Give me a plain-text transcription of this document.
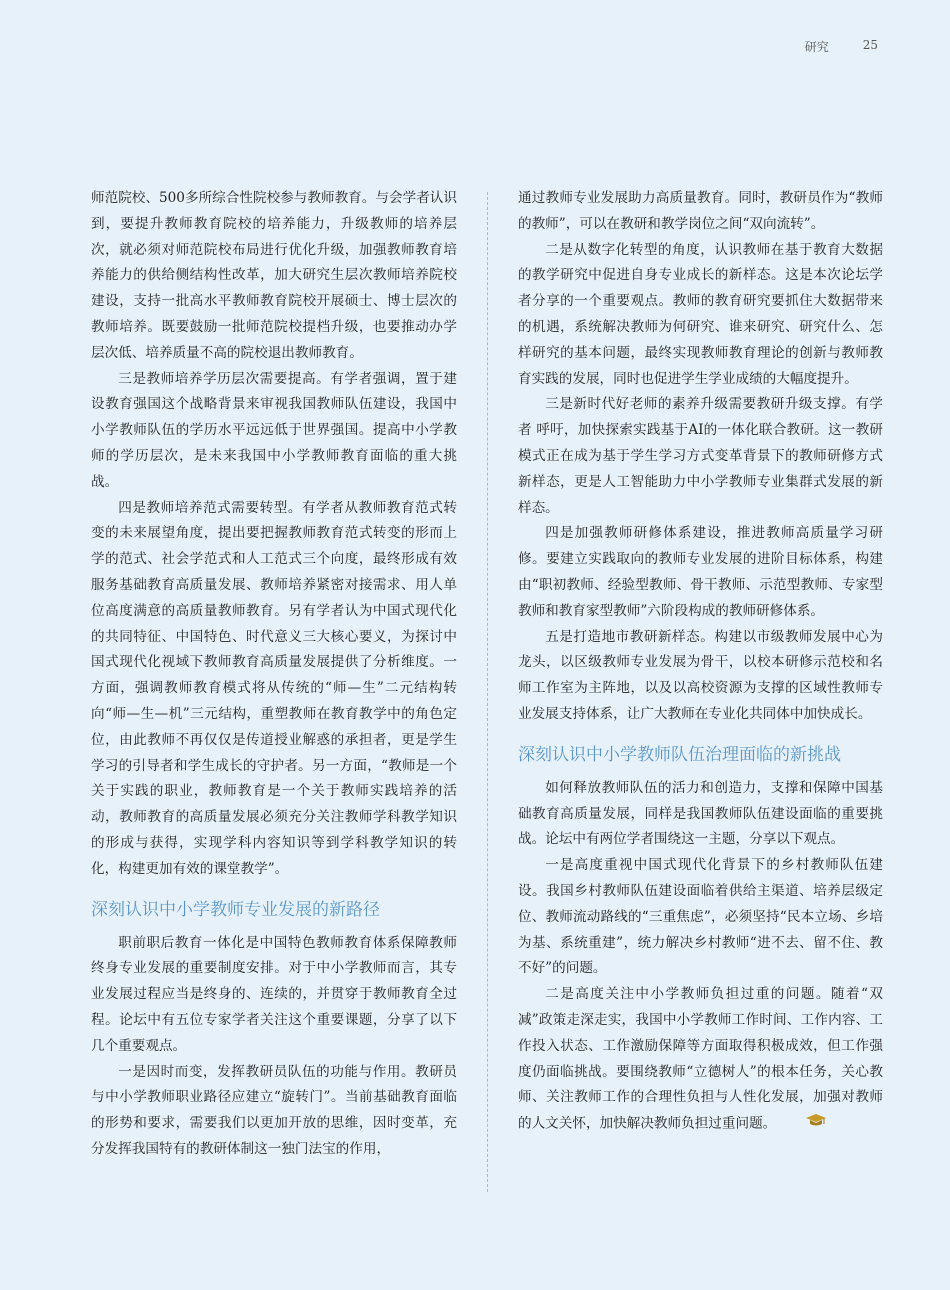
研究	25

师范院校、500多所综合性院校参与教师教育。与会学者认识到，要提升教师教育院校的培养能力，升级教师的培养层次，就必须对师范院校布局进行优化升级，加强教师教育培养能力的供给侧结构性改革，加大研究生层次教师培养院校建设，支持一批高水平教师教育院校开展硕士、博士层次的教师培养。既要鼓励一批师范院校提档升级，也要推动办学层次低、培养质量不高的院校退出教师教育。

三是教师培养学历层次需要提高。有学者强调，置于建设教育强国这个战略背景来审视我国教师队伍建设，我国中小学教师队伍的学历水平远远低于世界强国。提高中小学教师的学历层次，是未来我国中小学教师教育面临的重大挑战。

四是教师培养范式需要转型。有学者从教师教育范式转变的未来展望角度，提出要把握教师教育范式转变的形而上学的范式、社会学范式和人工范式三个向度，最终形成有效服务基础教育高质量发展、教师培养紧密对接需求、用人单位高度满意的高质量教师教育。另有学者认为中国式现代化的共同特征、中国特色、时代意义三大核心要义，为探讨中国式现代化视域下教师教育高质量发展提供了分析维度。一方面，强调教师教育模式将从传统的“师—生”二元结构转向“师—生—机”三元结构，重塑教师在教育教学中的角色定位，由此教师不再仅仅是传道授业解惑的承担者，更是学生学习的引导者和学生成长的守护者。另一方面，“教师是一个关于实践的职业，教师教育是一个关于教师实践培养的活动，教师教育的高质量发展必须充分关注教师学科教学知识的形成与获得，实现学科内容知识等到学科教学知识的转化，构建更加有效的课堂教学”。

深刻认识中小学教师专业发展的新路径

职前职后教育一体化是中国特色教师教育体系保障教师终身专业发展的重要制度安排。对于中小学教师而言，其专业发展过程应当是终身的、连续的，并贯穿于教师教育全过程。论坛中有五位专家学者关注这个重要课题，分享了以下几个重要观点。

一是因时而变，发挥教研员队伍的功能与作用。教研员与中小学教师职业路径应建立“旋转门”。当前基础教育面临的形势和要求，需要我们以更加开放的思维，因时变革，充分发挥我国特有的教研体制这一独门法宝的作用，

通过教师专业发展助力高质量教育。同时，教研员作为“教师的教师”，可以在教研和教学岗位之间“双向流转”。

二是从数字化转型的角度，认识教师在基于教育大数据的教学研究中促进自身专业成长的新样态。这是本次论坛学者分享的一个重要观点。教师的教育研究要抓住大数据带来的机遇，系统解决教师为何研究、谁来研究、研究什么、怎样研究的基本问题，最终实现教师教育理论的创新与教师教育实践的发展，同时也促进学生学业成绩的大幅度提升。

三是新时代好老师的素养升级需要教研升级支撑。有学者 呼吁，加快探索实践基于AI的一体化联合教研。这一教研模式正在成为基于学生学习方式变革背景下的教师研修方式新样态，更是人工智能助力中小学教师专业集群式发展的新样态。

四是加强教师研修体系建设，推进教师高质量学习研修。要建立实践取向的教师专业发展的进阶目标体系，构建由“职初教师、经验型教师、骨干教师、示范型教师、专家型教师和教育家型教师”六阶段构成的教师研修体系。

五是打造地市教研新样态。构建以市级教师发展中心为龙头，以区级教师专业发展为骨干，以校本研修示范校和名师工作室为主阵地，以及以高校资源为支撑的区域性教师专业发展支持体系，让广大教师在专业化共同体中加快成长。

深刻认识中小学教师队伍治理面临的新挑战

如何释放教师队伍的活力和创造力，支撑和保障中国基础教育高质量发展，同样是我国教师队伍建设面临的重要挑战。论坛中有两位学者围绕这一主题，分享以下观点。

一是高度重视中国式现代化背景下的乡村教师队伍建设。我国乡村教师队伍建设面临着供给主渠道、培养层级定位、教师流动路线的“三重焦虑”，必须坚持“民本立场、乡培为基、系统重建”，统力解决乡村教师“进不去、留不住、教不好”的问题。

二是高度关注中小学教师负担过重的问题。随着“双减”政策走深走实，我国中小学教师工作时间、工作内容、工作投入状态、工作激励保障等方面取得积极成效，但工作强度仍面临挑战。要围绕教师“立德树人”的根本任务，关心教师、关注教师工作的合理性负担与人性化发展，加强对教师的人文关怀，加快解决教师负担过重问题。
